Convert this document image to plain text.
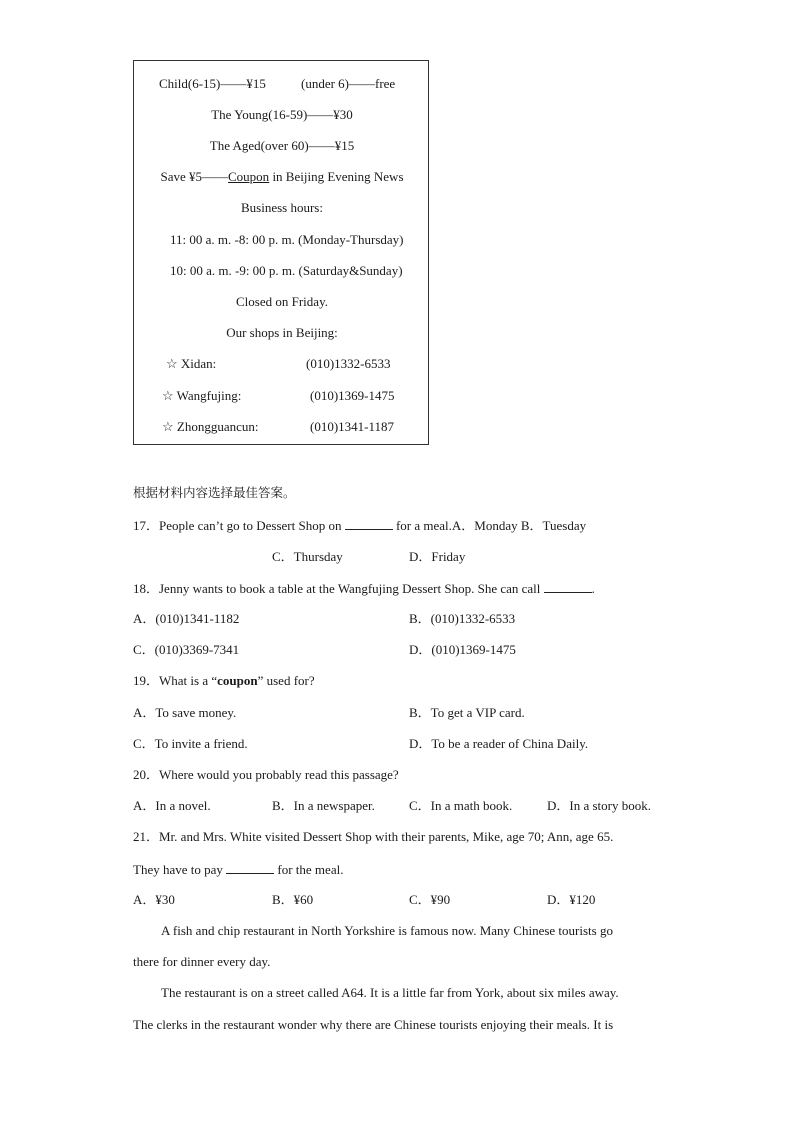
Child(6-15)——¥15	(under 6)——free
The Young(16-59)——¥30
The Aged(over 60)——¥15
Save ¥5——Coupon in Beijing Evening News
Business hours:
11: 00 a. m. -8: 00 p. m. (Monday-Thursday)
10: 00 a. m. -9: 00 p. m. (Saturday&Sunday)
Closed on Friday.
Our shops in Beijing:
☆ Xidan:	(010)1332-6533
☆ Wangfujing:	(010)1369-1475
☆ Zhongguancun:	(010)1341-1187
根据材料内容选择最佳答案。
17．People can’t go to Dessert Shop on	for a meal.A．Monday B．Tuesday
C．Thursday	D．Friday
18．Jenny wants to book a table at the Wangfujing Dessert Shop. She can call	.
A．(010)1341-1182	B．(010)1332-6533
C．(010)3369-7341	D．(010)1369-1475
19．What is a “coupon” used for?
A．To save money.	B．To get a VIP card.
C．To invite a friend.	D．To be a reader of China Daily.
20．Where would you probably read this passage?
A．In a novel.	B．In a newspaper.	C．In a math book.	D．In a story book.
21．Mr. and Mrs. White visited Dessert Shop with their parents, Mike, age 70; Ann, age 65.
They have to pay	for the meal.
A．¥30	B．¥60	C．¥90	D．¥120
A fish and chip restaurant in North Yorkshire is famous now. Many Chinese tourists go
there for dinner every day.
The restaurant is on a street called A64. It is a little far from York, about six miles away.
The clerks in the restaurant wonder why there are Chinese tourists enjoying their meals. It is
